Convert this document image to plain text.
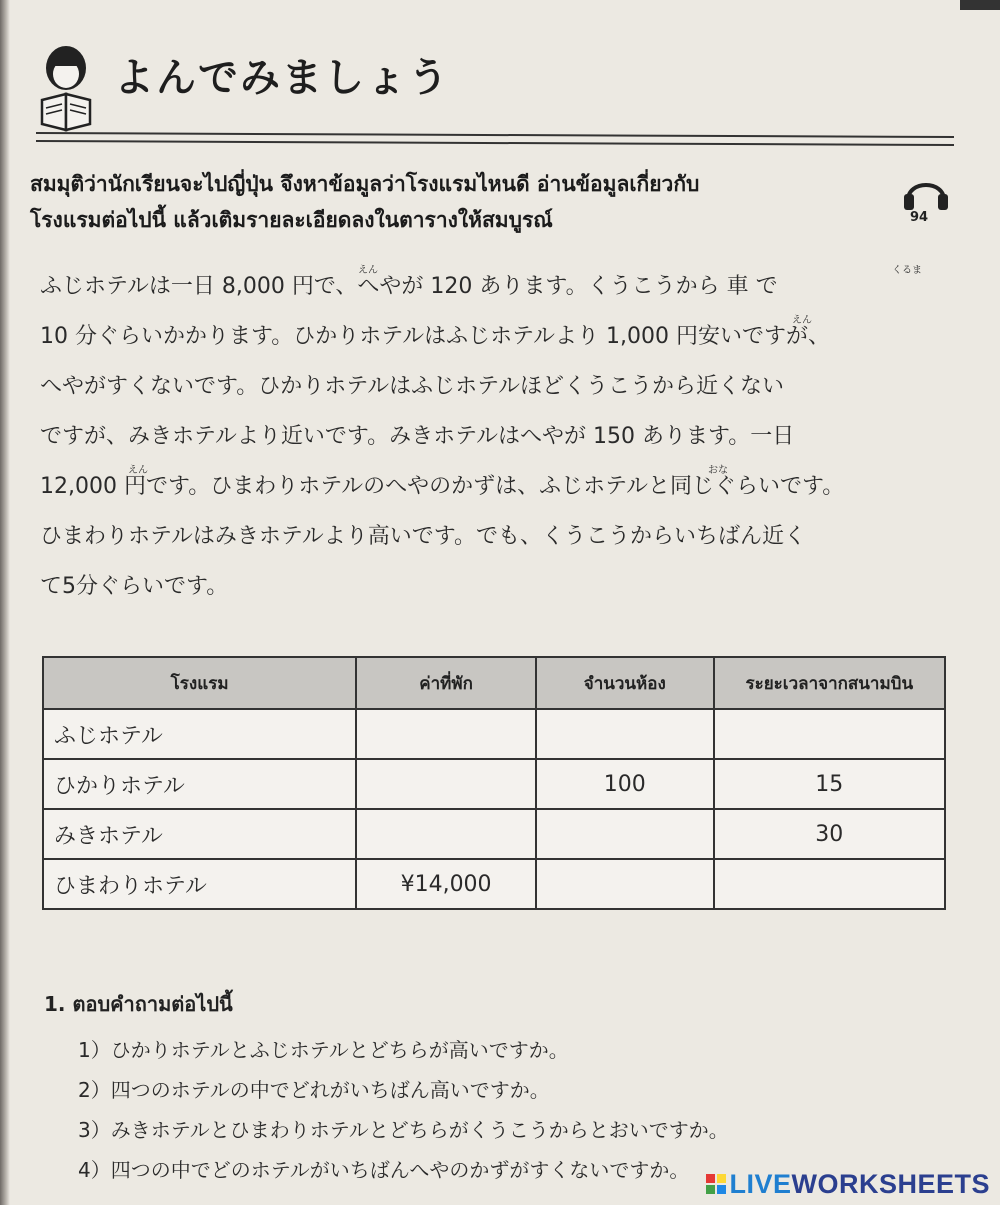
よんでみましょう
สมมุติว่านักเรียนจะไปญี่ปุ่น จึงหาข้อมูลว่าโรงแรมไหนดี อ่านข้อมูลเกี่ยวกับ
โรงแรมต่อไปนี้ แล้วเติมรายละเอียดลงในตารางให้สมบูรณ์	94
えん	くるま
ふじホテルは一日 8,000 円で、へやが 120 あります。くうこうから 車 で
えん
10 分ぐらいかかります。ひかりホテルはふじホテルより 1,000 円安いですが、
へやがすくないです。ひかりホテルはふじホテルほどくうこうから近くない
ですが、みきホテルより近いです。みきホテルはへやが 150 あります。一日
えん	おな
12,000 円です。ひまわりホテルのへやのかずは、ふじホテルと同じぐらいです。
ひまわりホテルはみきホテルより高いです。でも、くうこうからいちばん近く
て5分ぐらいです。
โรงแรม	ค่าที่พัก	จำนวนห้อง	ระยะเวลาจากสนามบิน
ふじホテル			
ひかりホテル		100	15
みきホテル			30
ひまわりホテル	¥14,000		
1. ตอบคำถามต่อไปนี้
1）ひかりホテルとふじホテルとどちらが高いですか。
2）四つのホテルの中でどれがいちばん高いですか。
3）みきホテルとひまわりホテルとどちらがくうこうからとおいですか。
4）四つの中でどのホテルがいちばんへやのかずがすくないですか。	LIVEWORKSHEETS
